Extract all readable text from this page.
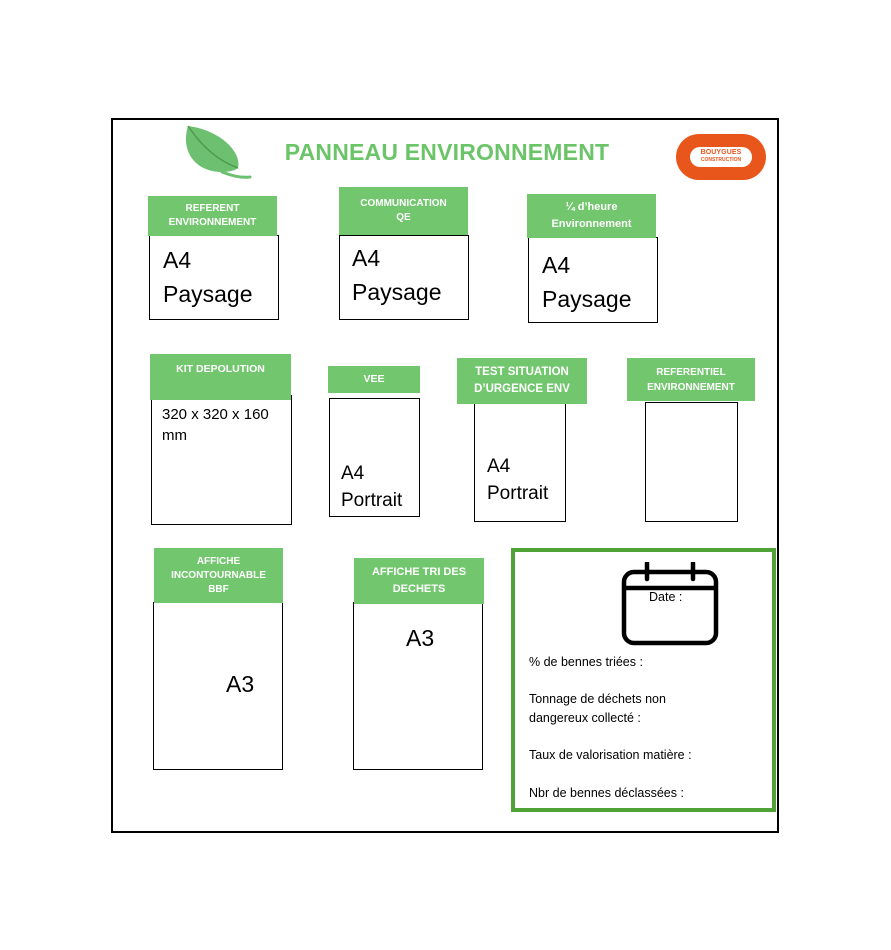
PANNEAU ENVIRONNEMENT	BOUYGUES
CONSTRUCTION
REFERENT
ENVIRONNEMENT
A4
Paysage
COMMUNICATION
QE
A4
Paysage
¼ d’heure
Environnement
A4
Paysage
KIT DEPOLUTION
320 x 320 x 160
mm
VEE
A4
Portrait
TEST SITUATION
D’URGENCE ENV
A4
Portrait
REFERENTIEL
ENVIRONNEMENT
AFFICHE
INCONTOURNABLE
BBF
A3
AFFICHE TRI DES
DECHETS
A3
Date :
% de bennes triées :
Tonnage de déchets non
dangereux collecté :
Taux de valorisation matière :
Nbr de bennes déclassées :
